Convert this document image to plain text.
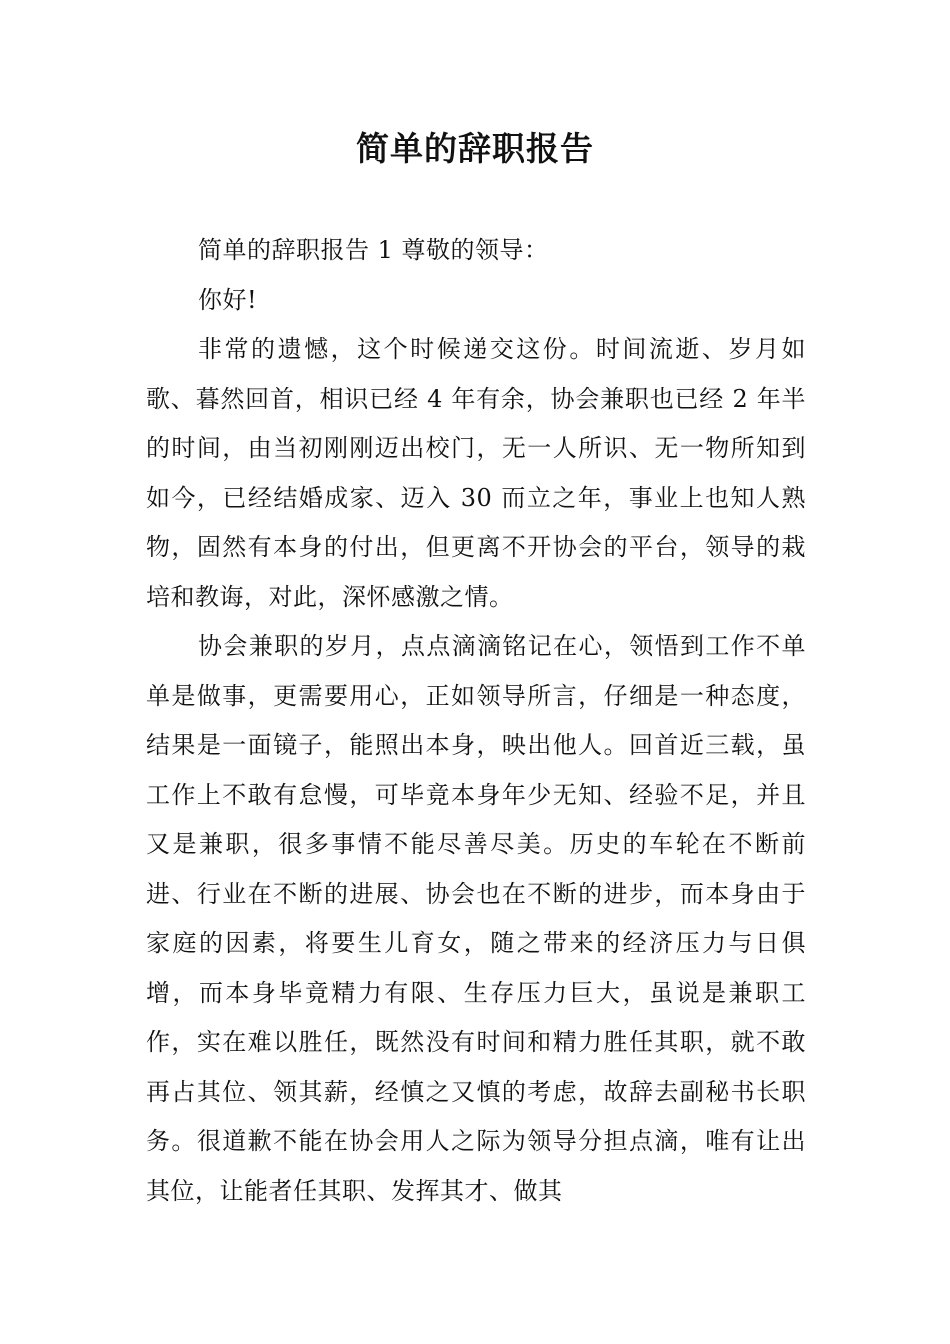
简单的辞职报告

简单的辞职报告 1 尊敬的领导：

你好!

非常的遗憾，这个时候递交这份。时间流逝、岁月如歌、暮然回首，相识已经 4 年有余，协会兼职也已经 2 年半的时间，由当初刚刚迈出校门，无一人所识、无一物所知到如今，已经结婚成家、迈入 30 而立之年，事业上也知人熟物，固然有本身的付出，但更离不开协会的平台，领导的栽培和教诲，对此，深怀感激之情。

协会兼职的岁月，点点滴滴铭记在心，领悟到工作不单单是做事，更需要用心，正如领导所言，仔细是一种态度，结果是一面镜子，能照出本身，映出他人。回首近三载，虽工作上不敢有怠慢，可毕竟本身年少无知、经验不足，并且又是兼职，很多事情不能尽善尽美。历史的车轮在不断前进、行业在不断的进展、协会也在不断的进步，而本身由于家庭的因素，将要生儿育女，随之带来的经济压力与日俱增，而本身毕竟精力有限、生存压力巨大，虽说是兼职工作，实在难以胜任，既然没有时间和精力胜任其职，就不敢再占其位、领其薪，经慎之又慎的考虑，故辞去副秘书长职务。很道歉不能在协会用人之际为领导分担点滴，唯有让出其位，让能者任其职、发挥其才、做其
